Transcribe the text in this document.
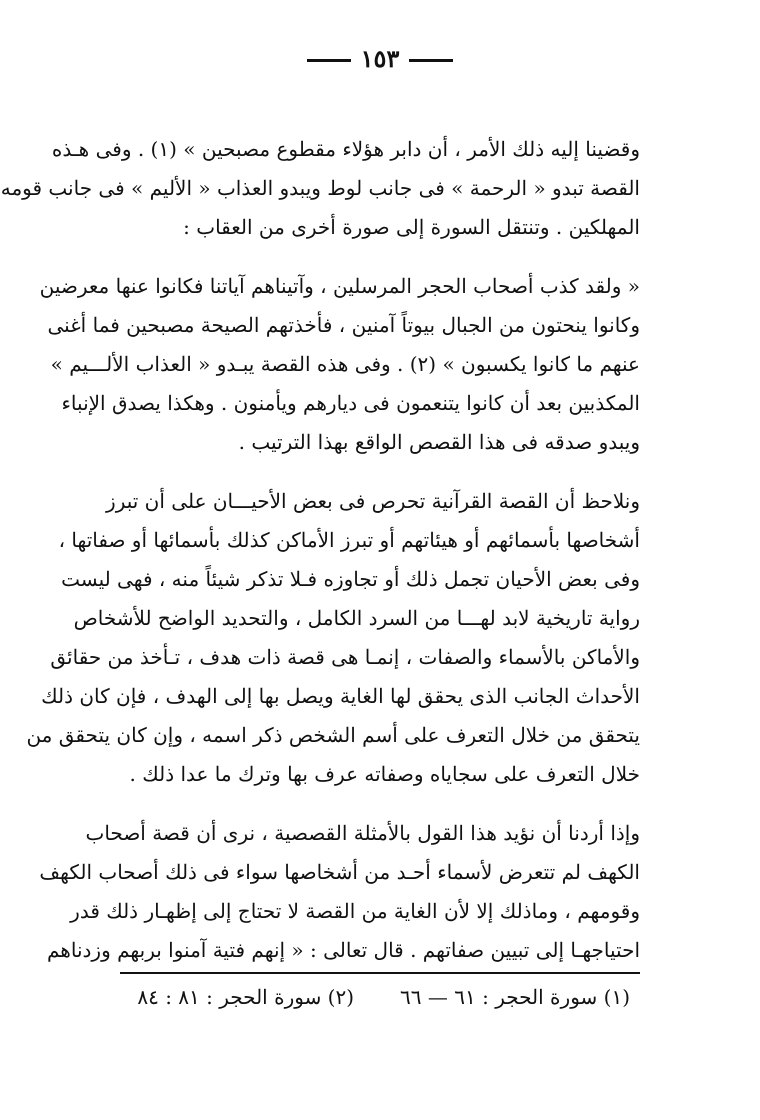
١٥٣
وقضينا إليه ذلك الأمر ، أن دابر هؤلاء مقطوع مصبحين » (١) . وفى هـذه
القصة تبدو « الرحمة » فى جانب لوط ويبدو العذاب « الأليم » فى جانب قومه
المهلكين . وتنتقل السورة إلى صورة أخرى من العقاب :
« ولقد كذب أصحاب الحجر المرسلين ، وآتيناهم آياتنا فكانوا عنها معرضين
وكانوا ينحتون من الجبال بيوتاً آمنين ، فأخذتهم الصيحة مصبحين فما أغنى
عنهم ما كانوا يكسبون » (٢) . وفى هذه القصة يبـدو « العذاب الألـــيم »
المكذبين بعد أن كانوا يتنعمون فى ديارهم ويأمنون . وهكذا يصدق الإنباء
ويبدو صدقه فى هذا القصص الواقع بهذا الترتيب .
ونلاحظ أن القصة القرآنية تحرص فى بعض الأحيـــان على أن تبرز
أشخاصها بأسمائهم أو هيئاتهم أو تبرز الأماكن كذلك بأسمائها أو صفاتها ،
وفى بعض الأحيان تجمل ذلك أو تجاوزه فـلا تذكر شيئاً منه ، فهى ليست
رواية تاريخية لابد لهـــا من السرد الكامل ، والتحديد الواضح للأشخاص
والأماكن بالأسماء والصفات ، إنمـا هى قصة ذات هدف ، تـأخذ من حقائق
الأحداث الجانب الذى يحقق لها الغاية ويصل بها إلى الهدف ، فإن كان ذلك
يتحقق من خلال التعرف على أسم الشخص ذكر اسمه ، وإن كان يتحقق من
خلال التعرف على سجاياه وصفاته عرف بها وترك ما عدا ذلك .
وإذا أردنا أن نؤيد هذا القول بالأمثلة القصصية ، نرى أن قصة أصحاب
الكهف لم تتعرض لأسماء أحـد من أشخاصها سواء فى ذلك أصحاب الكهف
وقومهم ، وماذلك إلا لأن الغاية من القصة لا تحتاج إلى إظهـار ذلك قدر
احتياجهـا إلى تبيين صفاتهم . قال تعالى : « إنهم فتية آمنوا بربهم وزدناهم
(١) سورة الحجر : ٦١ — ٦٦(٢) سورة الحجر : ٨١ : ٨٤
